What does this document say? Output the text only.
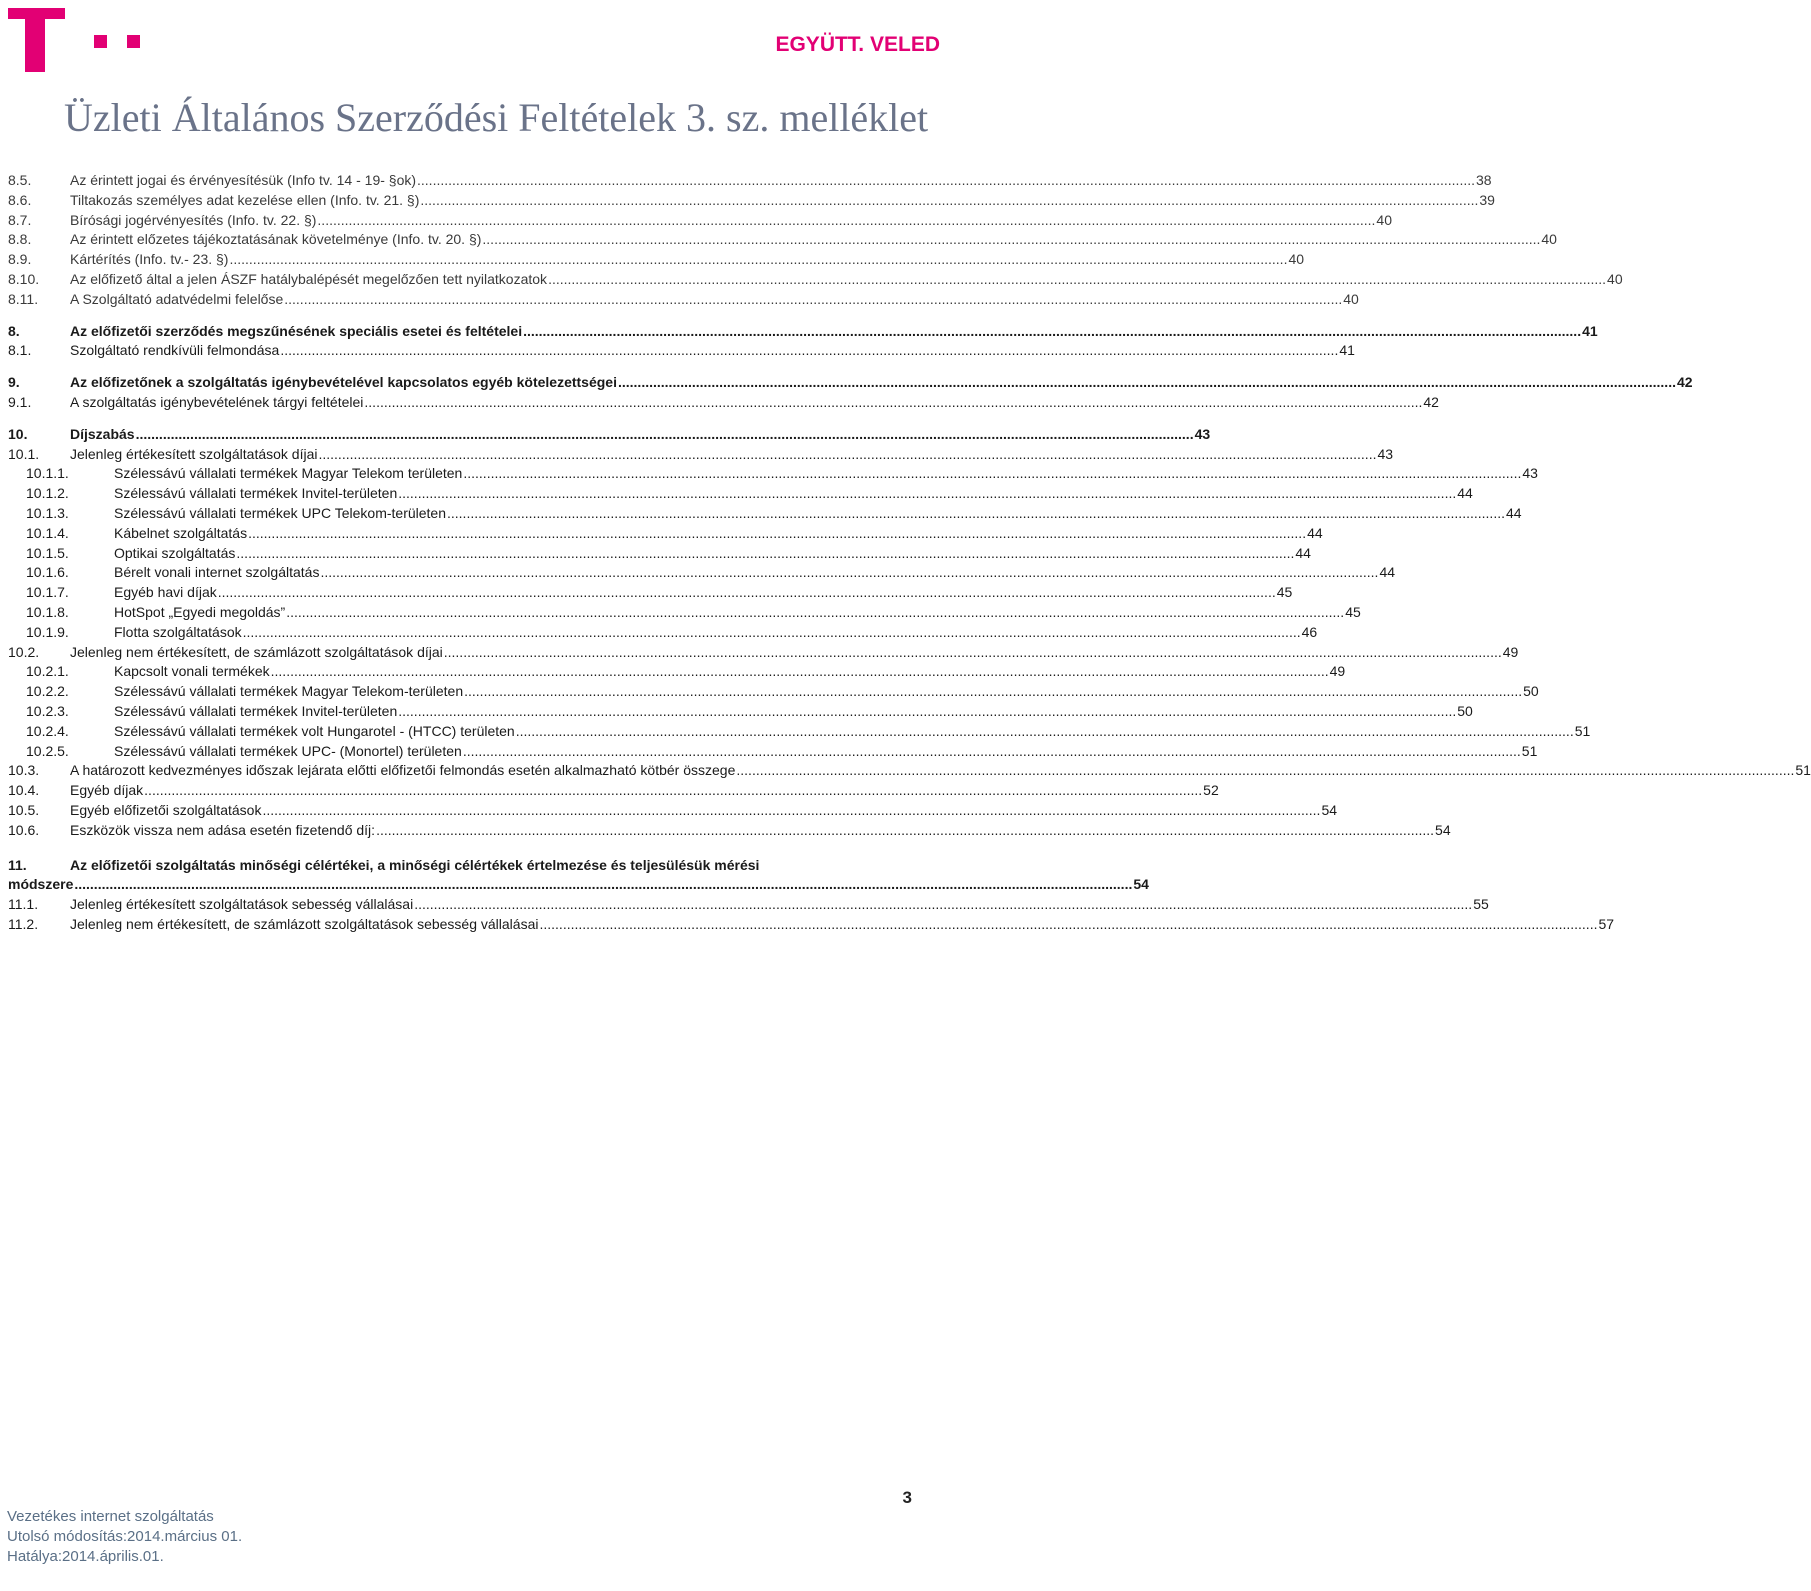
EGYÜTT. VELED
Üzleti Általános Szerződési Feltételek 3. sz. melléklet
8.5.	Az érintett jogai és érvényesítésük (Info tv. 14 - 19- §ok) .....	38
8.6.	Tiltakozás személyes adat kezelése ellen (Info. tv. 21. §) .....	39
8.7.	Bírósági jogérvényesítés (Info. tv. 22. §) .....	40
8.8.	Az érintett előzetes tájékoztatásának követelménye (Info. tv. 20. §) .....	40
8.9.	Kártérítés (Info. tv.- 23. §) .....	40
8.10.	Az előfizető által a jelen ÁSZF hatálybalépését megelőzően tett nyilatkozatok .....	40
8.11.	A Szolgáltató adatvédelmi felelőse .....	40
8.	Az előfizetői szerződés megszűnésének speciális esetei és feltételei .....	41
8.1.	Szolgáltató rendkívüli felmondása .....	41
9.	Az előfizetőnek a szolgáltatás igénybevételével kapcsolatos egyéb kötelezettségei .....	42
9.1.	A szolgáltatás igénybevételének tárgyi feltételei .....	42
10.	Díjszabás .....	43
10.1.	Jelenleg értékesített szolgáltatások díjai .....	43
10.1.1.	Szélessávú vállalati termékek Magyar Telekom területen .....	43
10.1.2.	Szélessávú vállalati termékek Invitel-területen .....	44
10.1.3.	Szélessávú vállalati termékek UPC Telekom-területen .....	44
10.1.4.	Kábelnet szolgáltatás .....	44
10.1.5.	Optikai szolgáltatás .....	44
10.1.6.	Bérelt vonali internet szolgáltatás .....	44
10.1.7.	Egyéb havi díjak .....	45
10.1.8.	HotSpot „Egyedi megoldás” .....	45
10.1.9.	Flotta szolgáltatások .....	46
10.2.	Jelenleg nem értékesített, de számlázott szolgáltatások díjai .....	49
10.2.1.	Kapcsolt vonali termékek .....	49
10.2.2.	Szélessávú vállalati termékek Magyar Telekom-területen .....	50
10.2.3.	Szélessávú vállalati termékek Invitel-területen .....	50
10.2.4.	Szélessávú vállalati termékek volt Hungarotel - (HTCC) területen .....	51
10.2.5.	Szélessávú vállalati termékek UPC- (Monortel) területen .....	51
10.3.	A határozott kedvezményes időszak lejárata előtti előfizetői felmondás esetén alkalmazható kötbér összege .....	51
10.4.	Egyéb díjak .....	52
10.5.	Egyéb előfizetői szolgáltatások .....	54
10.6.	Eszközök vissza nem adása esetén fizetendő díj: .....	54
11.	Az előfizetői szolgáltatás minőségi célértékei, a minőségi célértékek értelmezése és teljesülésük mérési
módszere .....	54
11.1.	Jelenleg értékesített szolgáltatások sebesség vállalásai .....	55
11.2.	Jelenleg nem értékesített, de számlázott szolgáltatások sebesség vállalásai .....	57
3
Vezetékes internet szolgáltatás
Utolsó módosítás:2014.március 01.
Hatálya:2014.április.01.
